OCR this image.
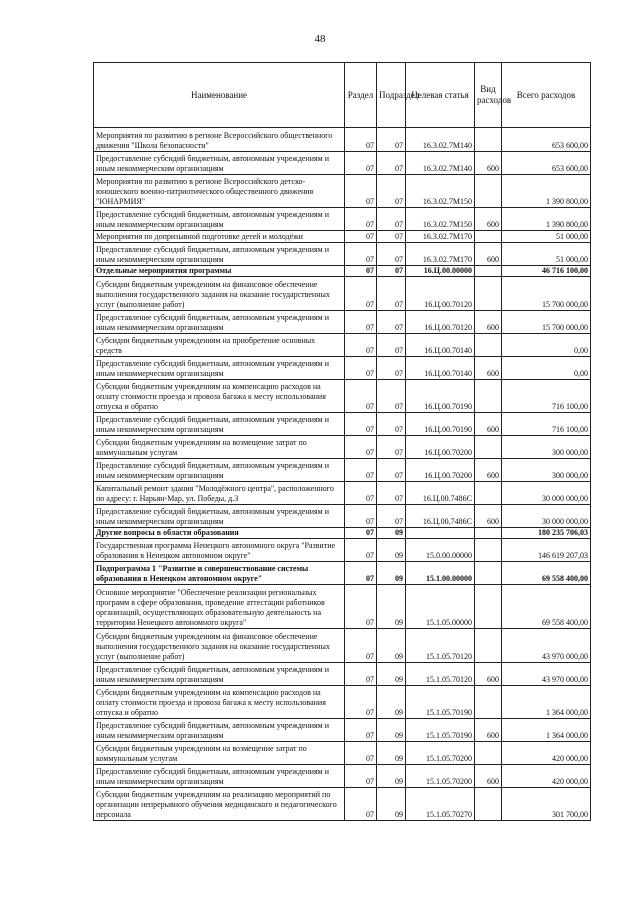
48
Наименование	Раздел	Подраздел	Целевая статья	Вид расходов	Всего расходов
Мероприятия по развитию в регионе Всероссийского общественного движения "Школа безопасности"	07	07	16.3.02.7М140		653 600,00
Предоставление субсидий бюджетным, автономным учреждениям и иным некоммерческим организациям	07	07	16.3.02.7М140	600	653 600,00
Мероприятия по развитию в регионе Всероссийского детско-юношеского военно-патриотического общественного движения "ЮНАРМИЯ"	07	07	16.3.02.7М150		1 390 800,00
Предоставление субсидий бюджетным, автономным учреждениям и иным некоммерческим организациям	07	07	16.3.02.7М150	600	1 390 800,00
Мероприятия по допризывной подготовке детей и молодёжи	07	07	16.3.02.7М170		51 000,00
Предоставление субсидий бюджетным, автономным учреждениям и иным некоммерческим организациям	07	07	16.3.02.7М170	600	51 000,00
Отдельные мероприятия программы	07	07	16.Ц.00.00000		46 716 100,00
Субсидии бюджетным учреждениям на финансовое обеспечение выполнения государственного задания на оказание государственных услуг (выполнение работ)	07	07	16.Ц.00.70120		15 700 000,00
Предоставление субсидий бюджетным, автономным учреждениям и иным некоммерческим организациям	07	07	16.Ц.00.70120	600	15 700 000,00
Субсидии бюджетным учреждениям на приобретение основных средств	07	07	16.Ц.00.70140		0,00
Предоставление субсидий бюджетным, автономным учреждениям и иным некоммерческим организациям	07	07	16.Ц.00.70140	600	0,00
Субсидии бюджетным учреждениям на компенсацию расходов на оплату стоимости проезда и провоза багажа к месту использования отпуска и обратно	07	07	16.Ц.00.70190		716 100,00
Предоставление субсидий бюджетным, автономным учреждениям и иным некоммерческим организациям	07	07	16.Ц.00.70190	600	716 100,00
Субсидии бюджетным учреждениям на возмещение затрат по коммунальным услугам	07	07	16.Ц.00.70200		300 000,00
Предоставление субсидий бюджетным, автономным учреждениям и иным некоммерческим организациям	07	07	16.Ц.00.70200	600	300 000,00
Капитальный ремонт здания "Молодёжного центра", расположенного по адресу: г. Нарьян-Мар, ул. Победы, д.3	07	07	16.Ц.00.7486С		30 000 000,00
Предоставление субсидий бюджетным, автономным учреждениям и иным некоммерческим организациям	07	07	16.Ц.00.7486С	600	30 000 000,00
Другие вопросы в области образования	07	09			180 235 706,03
Государственная программа Ненецкого автономного округа "Развитие образования в Ненецком автономном округе"	07	09	15.0.00.00000		146 619 207,03
Подпрограмма 1 "Развитие и совершенствование системы образования в Ненецком автономном округе"	07	09	15.1.00.00000		69 558 400,00
Основное мероприятие "Обеспечение реализации региональных программ в сфере образования, проведение аттестации работников организаций, осуществляющих образовательную деятельность на территории Ненецкого автономного округа"	07	09	15.1.05.00000		69 558 400,00
Субсидии бюджетным учреждениям на финансовое обеспечение выполнения государственного задания на оказание государственных услуг (выполнение работ)	07	09	15.1.05.70120		43 970 000,00
Предоставление субсидий бюджетным, автономным учреждениям и иным некоммерческим организациям	07	09	15.1.05.70120	600	43 970 000,00
Субсидии бюджетным учреждениям на компенсацию расходов на оплату стоимости проезда и провоза багажа к месту использования отпуска и обратно	07	09	15.1.05.70190		1 364 000,00
Предоставление субсидий бюджетным, автономным учреждениям и иным некоммерческим организациям	07	09	15.1.05.70190	600	1 364 000,00
Субсидии бюджетным учреждениям на возмещение затрат по коммунальным услугам	07	09	15.1.05.70200		420 000,00
Предоставление субсидий бюджетным, автономным учреждениям и иным некоммерческим организациям	07	09	15.1.05.70200	600	420 000,00
Субсидии бюджетным учреждениям на реализацию мероприятий по организации непрерывного обучения медицинского и педагогического персонала	07	09	15.1.05.70270		301 700,00
